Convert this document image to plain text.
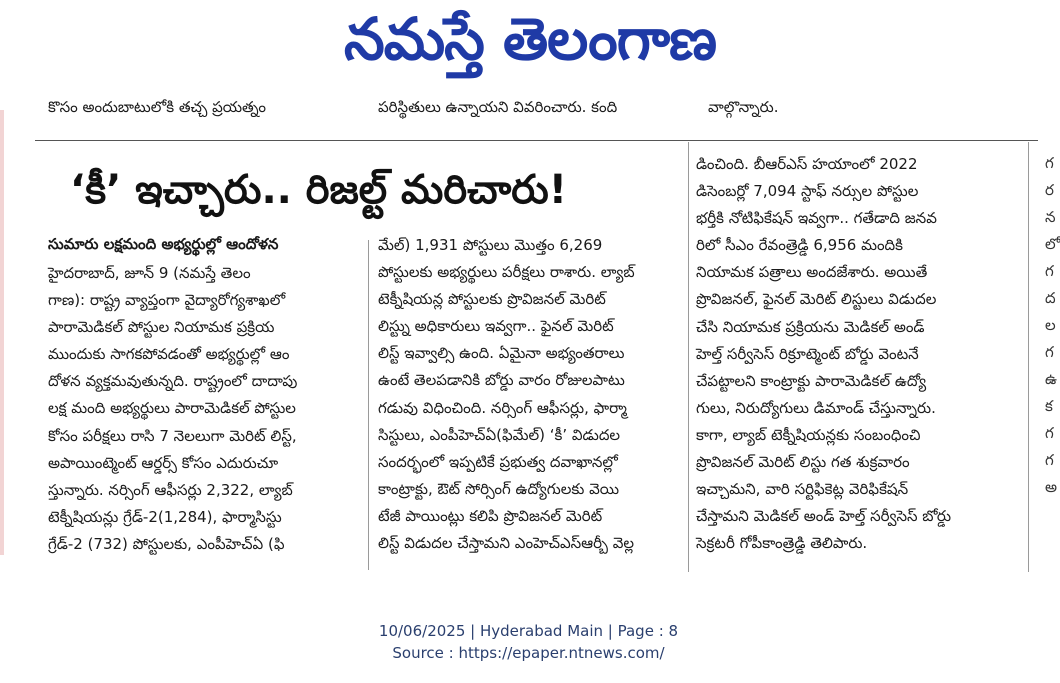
నమస్తే తెలంగాణ
కొసం అందుబాటులోకి తచ్చ ప్రయత్నం	పరిస్థితులు ఉన్నాయని వివరించారు. కంది	వాల్గొన్నారు.
‘కీ’ ఇచ్చారు.. రిజల్ట్ మరిచారు!
సుమారు లక్షమంది అభ్యర్థుల్లో ఆందోళన
హైదరాబాద్, జూన్ 9 (నమస్తే తెలం
గాణ): రాష్ట్ర వ్యాప్తంగా వైద్యారోగ్యశాఖలో
పారామెడికల్ పోస్టుల నియామక ప్రక్రియ
ముందుకు సాగకపోవడంతో అభ్యర్థుల్లో ఆం
దోళన వ్యక్తమవుతున్నది. రాష్ట్రంలో దాదాపు
లక్ష మంది అభ్యర్థులు పారామెడికల్ పోస్టుల
కోసం పరీక్షలు రాసి 7 నెలలుగా మెరిట్ లిస్ట్,
అపాయింట్మెంట్ ఆర్డర్స్ కోసం ఎదురుచూ
స్తున్నారు. నర్సింగ్ ఆఫీసర్లు 2,322, ల్యాబ్
టెక్నీషియన్లు గ్రేడ్-2(1,284), ఫార్మాసిస్టు
గ్రేడ్-2 (732) పోస్టులకు, ఎంపీహెచ్ఏ (ఫి
మేల్) 1,931 పోస్టులు మొత్తం 6,269
పోస్టులకు అభ్యర్థులు పరీక్షలు రాశారు. ల్యాబ్
టెక్నీషియన్ల పోస్టులకు ప్రొవిజనల్ మెరిట్
లిస్ట్ను అధికారులు ఇవ్వగా.. ఫైనల్ మెరిట్
లిస్ట్ ఇవ్వాల్సి ఉంది. ఏమైనా అభ్యంతరాలు
ఉంటే తెలపడానికి బోర్డు వారం రోజులపాటు
గడువు విధించింది. నర్సింగ్ ఆఫీసర్లు, ఫార్మా
సిస్టులు, ఎంపీహెచ్ఏ(ఫిమేల్) ‘కీ’ విడుదల
సందర్భంలో ఇప్పటికే ప్రభుత్వ దవాఖానల్లో
కాంట్రాక్టు, ఔట్ సోర్సింగ్ ఉద్యోగులకు వెయి
టేజీ పాయింట్లు కలిపి ప్రొవిజనల్ మెరిట్
లిస్ట్ విడుదల చేస్తామని ఎంహెచ్ఎస్ఆర్బీ వెల్ల
డించింది. బీఆర్ఎస్ హయాంలో 2022
డిసెంబర్లో 7,094 స్టాఫ్ నర్సుల పోస్టుల
భర్తీకి నోటిఫికేషన్ ఇవ్వగా.. గతేడాది జనవ
రిలో సీఎం రేవంత్రెడ్డి 6,956 మందికి
నియామక పత్రాలు అందజేశారు. అయితే
ప్రొవిజనల్, ఫైనల్ మెరిట్ లిస్టులు విడుదల
చేసి నియామక ప్రక్రియను మెడికల్ అండ్
హెల్త్ సర్వీసెస్ రిక్రూట్మెంట్ బోర్డు వెంటనే
చేపట్టాలని కాంట్రాక్టు పారామెడికల్ ఉద్యో
గులు, నిరుద్యోగులు డిమాండ్ చేస్తున్నారు.
కాగా, ల్యాబ్ టెక్నీషియన్లకు సంబంధించి
ప్రొవిజనల్ మెరిట్ లిస్టు గత శుక్రవారం
ఇచ్చామని, వారి సర్టిఫికెట్ల వెరిఫికేషన్
చేస్తామని మెడికల్ అండ్ హెల్త్ సర్వీసెస్ బోర్డు
సెక్రటరీ గోపీకాంత్రెడ్డి తెలిపారు.
గ
ర
న
లో
గ
ద
ల
గ
ఉ
క
గ
గ
అ
10/06/2025 | Hyderabad Main | Page : 8
Source : https://epaper.ntnews.com/
